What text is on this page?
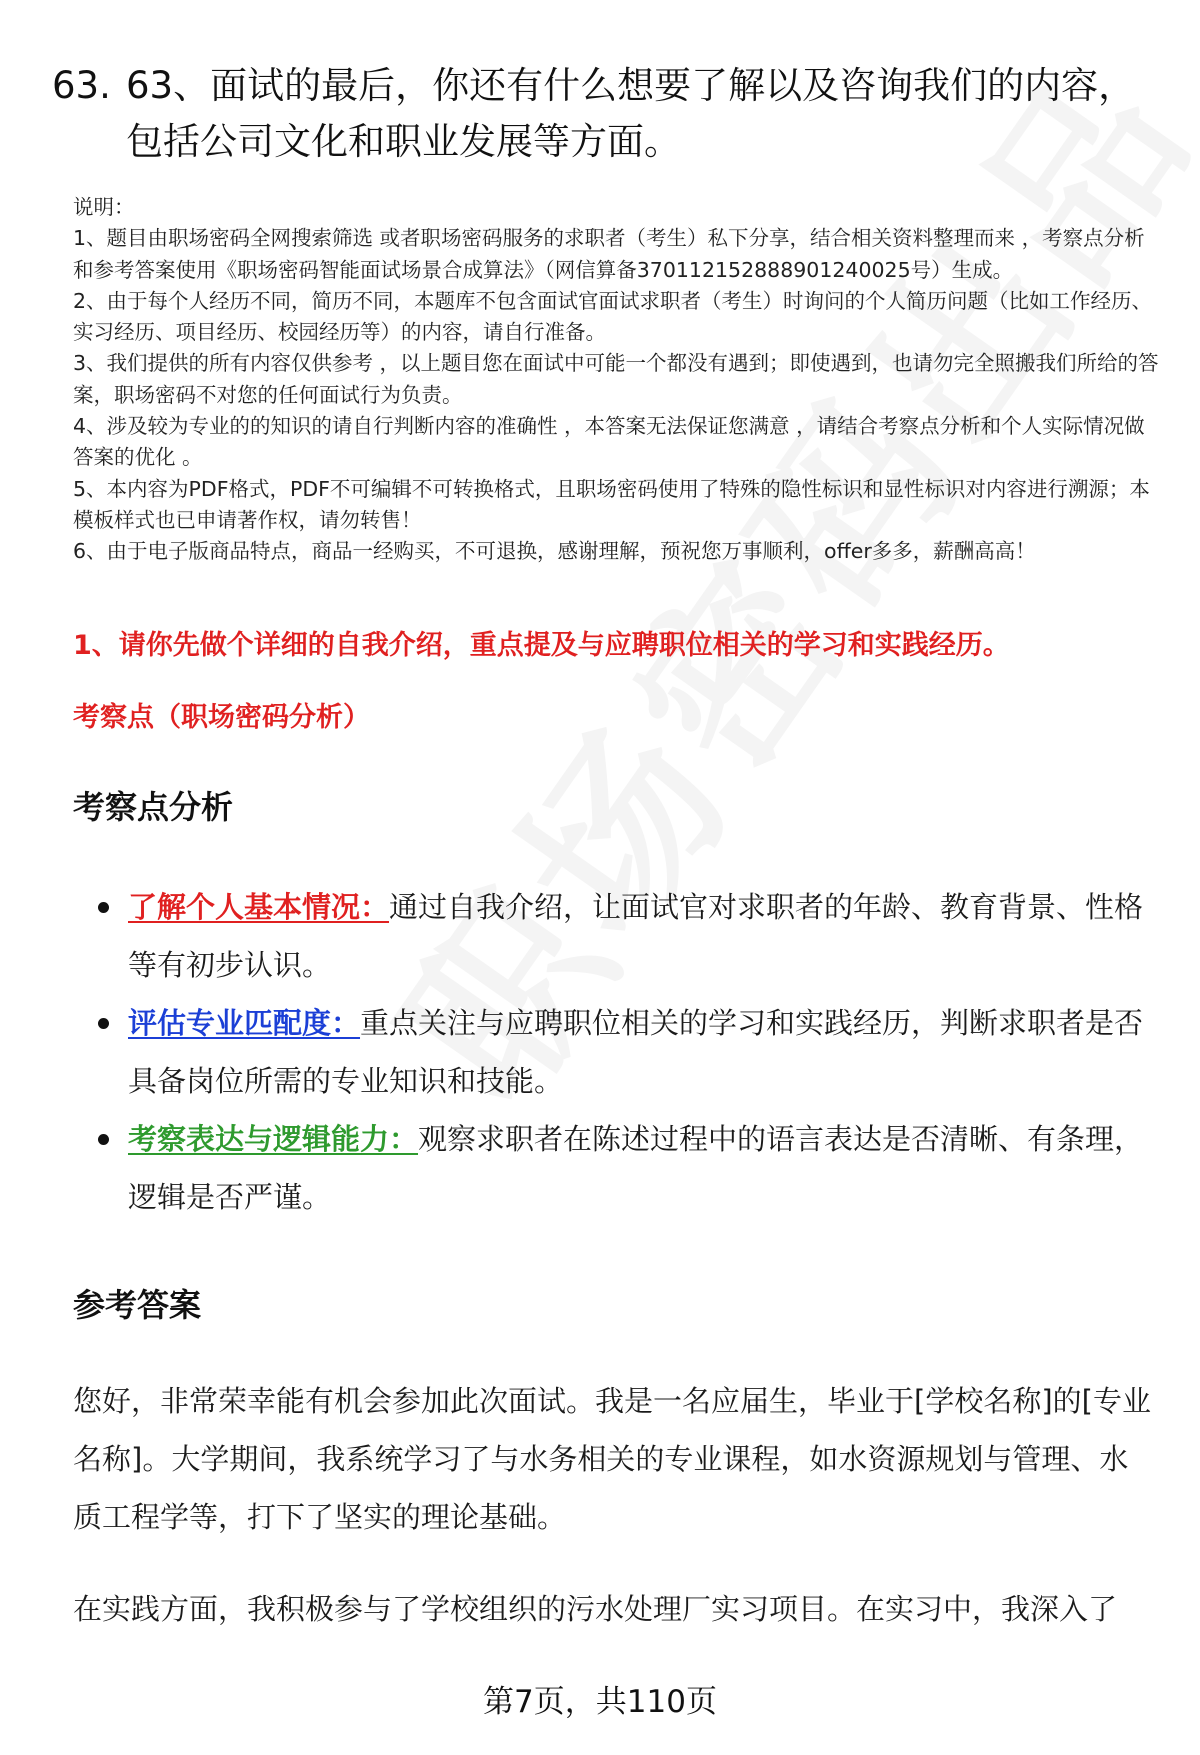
63. 63、面试的最后，你还有什么想要了解以及咨询我们的内容，包括公司文化和职业发展等方面。

说明：

1、题目由职场密码全网搜索筛选 或者职场密码服务的求职者（考生）私下分享，结合相关资料整理而来 ，考察点分析和参考答案使用《职场密码智能面试场景合成算法》（网信算备370112152888901240025号）生成。

2、由于每个人经历不同，简历不同，本题库不包含面试官面试求职者（考生）时询问的个人简历问题（比如工作经历、实习经历、项目经历、校园经历等）的内容，请自行准备。

3、我们提供的所有内容仅供参考 ，以上题目您在面试中可能一个都没有遇到；即使遇到，也请勿完全照搬我们所给的答案，职场密码不对您的任何面试行为负责。

4、涉及较为专业的的知识的请自行判断内容的准确性 ，本答案无法保证您满意 ，请结合考察点分析和个人实际情况做答案的优化 。

5、本内容为PDF格式，PDF不可编辑不可转换格式，且职场密码使用了特殊的隐性标识和显性标识对内容进行溯源；本模板样式也已申请著作权，请勿转售！

6、由于电子版商品特点，商品一经购买，不可退换，感谢理解，预祝您万事顺利，offer多多，薪酬高高！

1、请你先做个详细的自我介绍，重点提及与应聘职位相关的学习和实践经历。
考察点（职场密码分析）
考察点分析
了解个人基本情况：通过自我介绍，让面试官对求职者的年龄、教育背景、性格等有初步认识。
评估专业匹配度：重点关注与应聘职位相关的学习和实践经历，判断求职者是否具备岗位所需的专业知识和技能。
考察表达与逻辑能力：观察求职者在陈述过程中的语言表达是否清晰、有条理，逻辑是否严谨。
参考答案

您好，非常荣幸能有机会参加此次面试。我是一名应届生，毕业于[学校名称]的[专业名称]。大学期间，我系统学习了与水务相关的专业课程，如水资源规划与管理、水质工程学等，打下了坚实的理论基础。

在实践方面，我积极参与了学校组织的污水处理厂实习项目。在实习中，我深入了

第7页，共110页
